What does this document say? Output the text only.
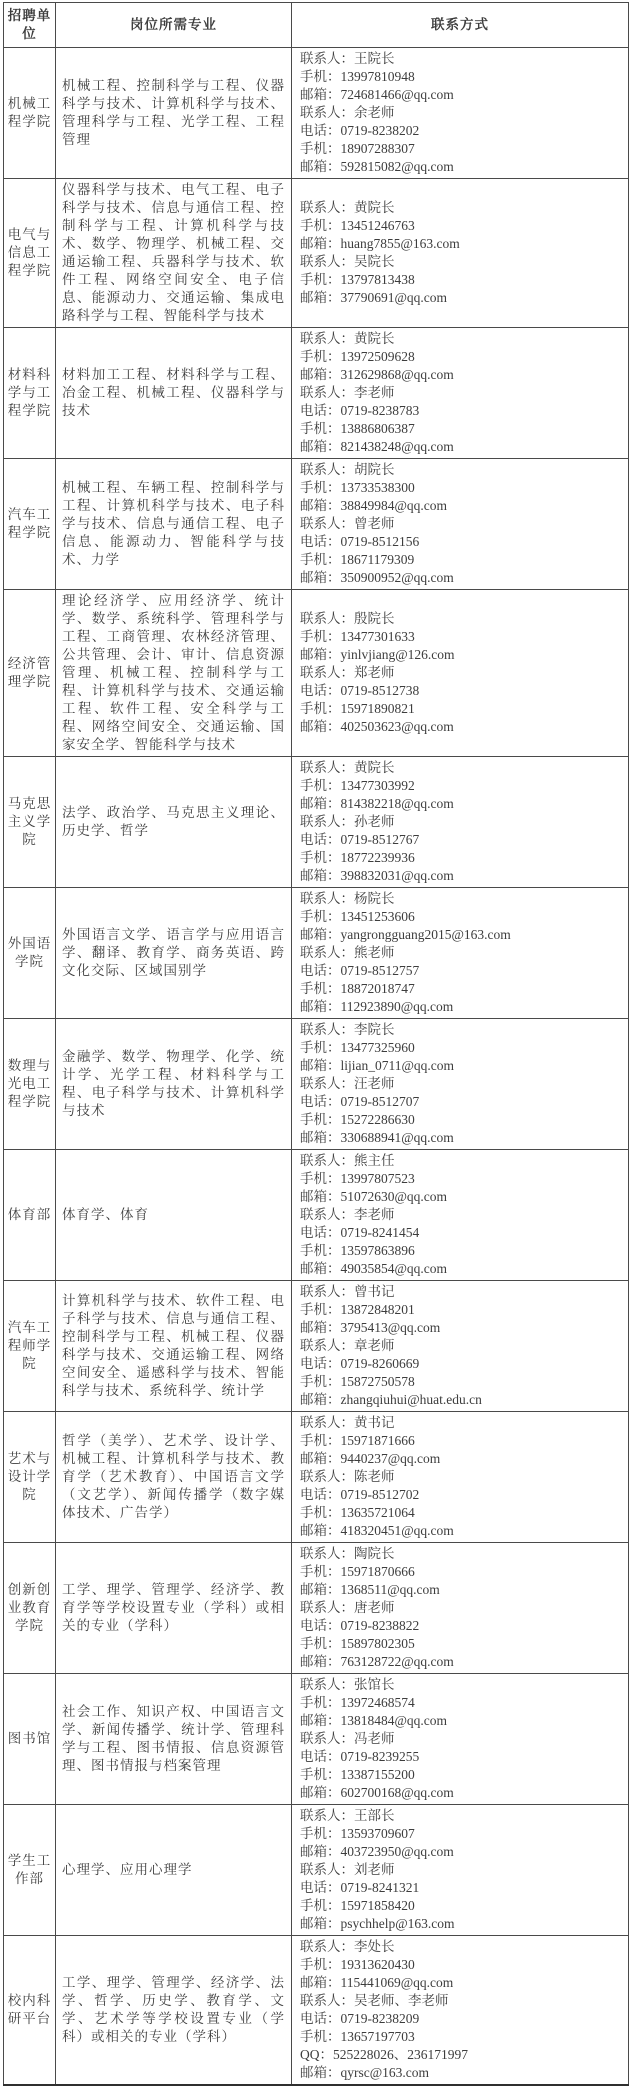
招聘单位	岗位所需专业	联系方式
机械工程学院	机械工程、控制科学与工程、仪器科学与技术、计算机科学与技术、管理科学与工程、光学工程、工程管理	
联系人：王院长
手机：13997810948
邮箱：724681466@qq.com
联系人：余老师
电话：0719-8238202
手机：18907288307
邮箱：592815082@qq.com

电气与信息工程学院	仪器科学与技术、电气工程、电子科学与技术、信息与通信工程、控制科学与工程、计算机科学与技术、数学、物理学、机械工程、交通运输工程、兵器科学与技术、软件工程、网络空间安全、电子信息、能源动力、交通运输、集成电路科学与工程、智能科学与技术	
联系人：黄院长
手机：13451246763
邮箱：huang7855@163.com
联系人：吴院长
手机：13797813438
邮箱：37790691@qq.com

材料科学与工程学院	材料加工工程、材料科学与工程、冶金工程、机械工程、仪器科学与技术	
联系人：黄院长
手机：13972509628
邮箱：312629868@qq.com
联系人：李老师
电话：0719-8238783
手机：13886806387
邮箱：821438248@qq.com

汽车工程学院	机械工程、车辆工程、控制科学与工程、计算机科学与技术、电子科学与技术、信息与通信工程、电子信息、能源动力、智能科学与技术、力学	
联系人：胡院长
手机：13733538300
邮箱：38849984@qq.com
联系人：曾老师
电话：0719-8512156
手机：18671179309
邮箱：350900952@qq.com

经济管理学院	理论经济学、应用经济学、统计学、数学、系统科学、管理科学与工程、工商管理、农林经济管理、公共管理、会计、审计、信息资源管理、机械工程、控制科学与工程、计算机科学与技术、交通运输工程、软件工程、安全科学与工程、网络空间安全、交通运输、国家安全学、智能科学与技术	
联系人：殷院长
手机：13477301633
邮箱：yinlvjiang@126.com
联系人：郑老师
电话：0719-8512738
手机：15971890821
邮箱：402503623@qq.com

马克思主义学院	法学、政治学、马克思主义理论、历史学、哲学	
联系人：黄院长
手机：13477303992
邮箱：814382218@qq.com
联系人：孙老师
电话：0719-8512767
手机：18772239936
邮箱：398832031@qq.com

外国语学院	外国语言文学、语言学与应用语言学、翻译、教育学、商务英语、跨文化交际、区域国别学	
联系人：杨院长
手机：13451253606
邮箱：yangrongguang2015@163.com
联系人：熊老师
电话：0719-8512757
手机：18872018747
邮箱：112923890@qq.com

数理与光电工程学院	金融学、数学、物理学、化学、统计学、光学工程、材料科学与工程、电子科学与技术、计算机科学与技术	
联系人：李院长
手机：13477325960
邮箱：lijian_0711@qq.com
联系人：汪老师
电话：0719-8512707
手机：15272286630
邮箱：330688941@qq.com

体育部	体育学、体育	
联系人：熊主任
手机：13997807523
邮箱：51072630@qq.com
联系人：李老师
电话：0719-8241454
手机：13597863896
邮箱：49035854@qq.com

汽车工程师学院	计算机科学与技术、软件工程、电子科学与技术、信息与通信工程、控制科学与工程、机械工程、仪器科学与技术、交通运输工程、网络空间安全、遥感科学与技术、智能科学与技术、系统科学、统计学	
联系人：曾书记
手机：13872848201
邮箱：3795413@qq.com
联系人：章老师
电话：0719-8260669
手机：15872750578
邮箱：zhangqiuhui@huat.edu.cn

艺术与设计学院	哲学（美学）、艺术学、设计学、机械工程、计算机科学与技术、教育学（艺术教育）、中国语言文学（文艺学）、新闻传播学（数字媒体技术、广告学）	
联系人：黄书记
手机：15971871666
邮箱：9440237@qq.com
联系人：陈老师
电话：0719-8512702
手机：13635721064
邮箱：418320451@qq.com

创新创业教育学院	工学、理学、管理学、经济学、教育学等学校设置专业（学科）或相关的专业（学科）	
联系人：陶院长
手机：15971870666
邮箱：1368511@qq.com
联系人：唐老师
电话：0719-8238822
手机：15897802305
邮箱：763128722@qq.com

图书馆	社会工作、知识产权、中国语言文学、新闻传播学、统计学、管理科学与工程、图书情报、信息资源管理、图书情报与档案管理	
联系人：张馆长
手机：13972468574
邮箱：13818484@qq.com
联系人：冯老师
电话：0719-8239255
手机：13387155200
邮箱：602700168@qq.com

学生工作部	心理学、应用心理学	
联系人：王部长
手机：13593709607
邮箱：403723950@qq.com
联系人：刘老师
电话：0719-8241321
手机：15971858420
邮箱：psychhelp@163.com

校内科研平台	工学、理学、管理学、经济学、法学、哲学、历史学、教育学、文学、艺术学等学校设置专业（学科）或相关的专业（学科）	
联系人：李处长
手机：19313620430
邮箱：115441069@qq.com
联系人：吴老师、李老师
电话：0719-8238209
手机：13657197703
QQ：525228026、236171997
邮箱：qyrsc@163.com
